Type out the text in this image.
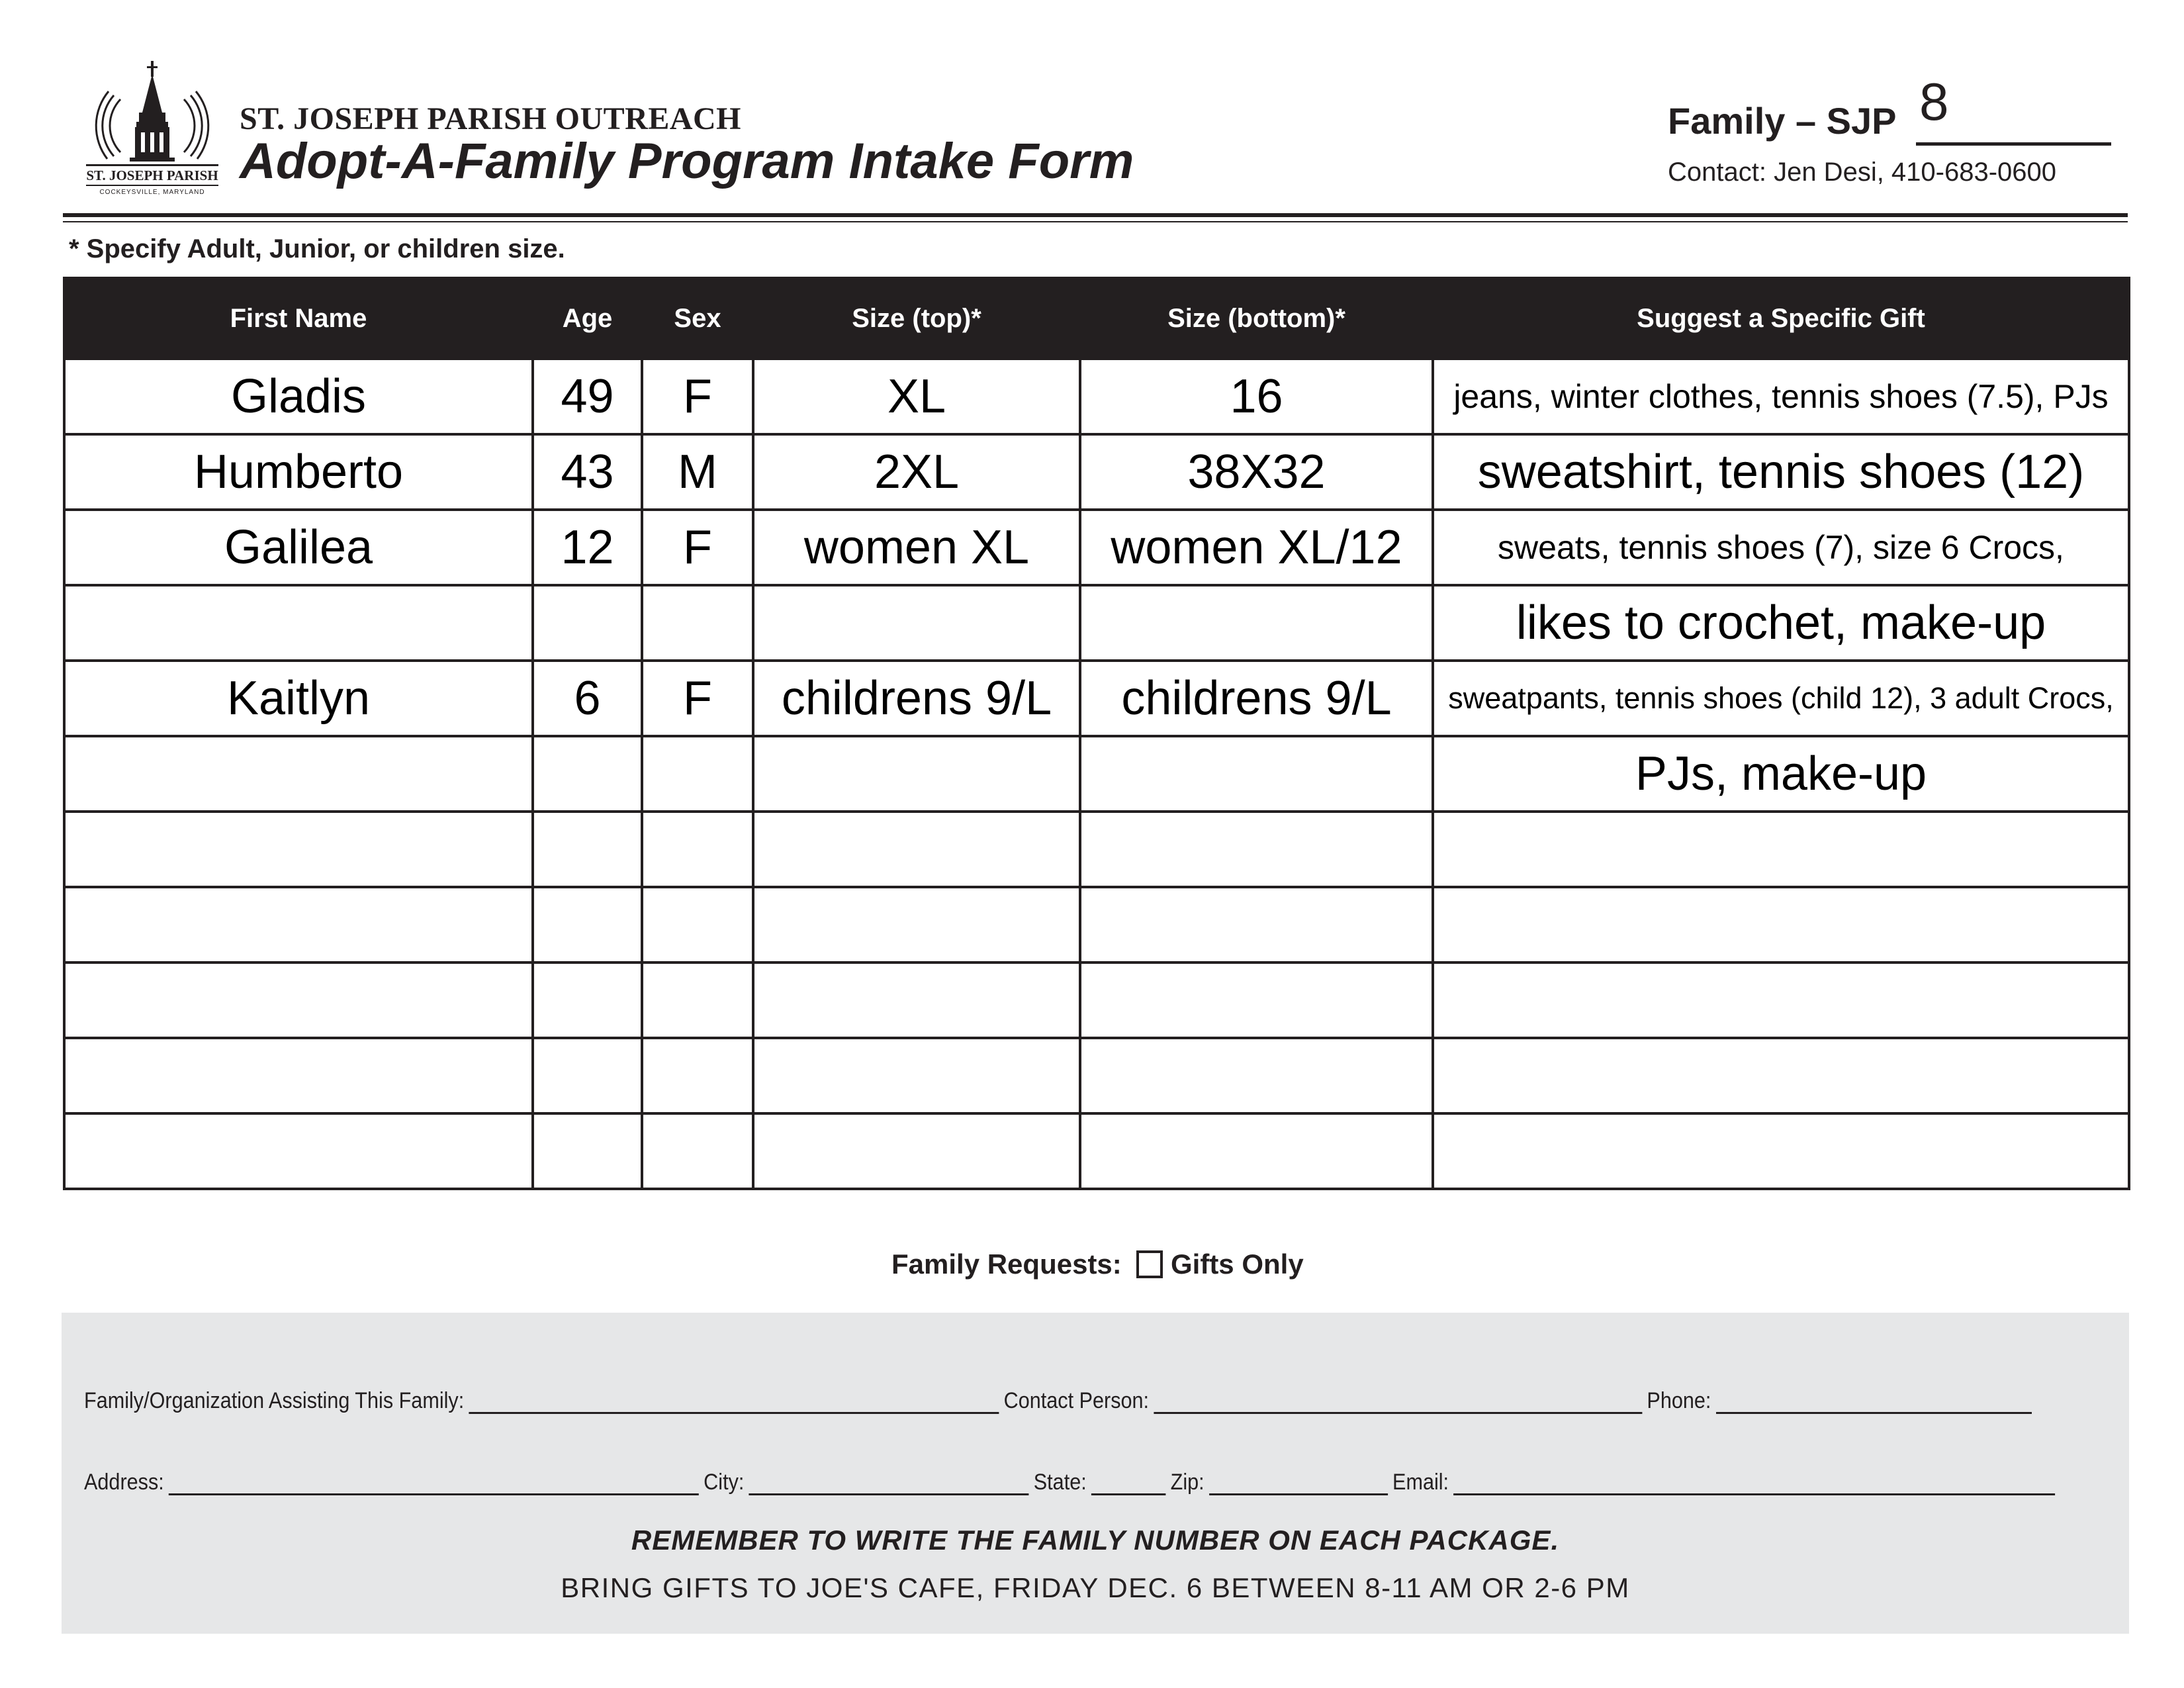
ST. JOSEPH PARISH
COCKEYSVILLE, MARYLAND
ST. JOSEPH PARISH OUTREACH
Adopt-A-Family Program Intake Form
Family – SJP 8
Contact: Jen Desi, 410-683-0600
* Specify Adult, Junior, or children size.
First Name	Age	Sex	Size (top)*	Size (bottom)*	Suggest a Specific Gift
Gladis	49	F	XL	16	jeans, winter clothes, tennis shoes (7.5), PJs
Humberto	43	M	2XL	38X32	sweatshirt, tennis shoes (12)
Galilea	12	F	women XL	women XL/12	sweats, tennis shoes (7), size 6 Crocs,
					likes to crochet, make-up
Kaitlyn	6	F	childrens 9/L	childrens 9/L	sweatpants, tennis shoes (child 12), 3 adult Crocs,
					PJs, make-up

Family Requests: Gifts Only
Family/Organization Assisting This Family:	Contact Person:	Phone:
Address:	City:	State:	Zip:	Email:
REMEMBER TO WRITE THE FAMILY NUMBER ON EACH PACKAGE.
BRING GIFTS TO JOE'S CAFE, FRIDAY DEC. 6 BETWEEN 8-11 AM OR 2-6 PM
